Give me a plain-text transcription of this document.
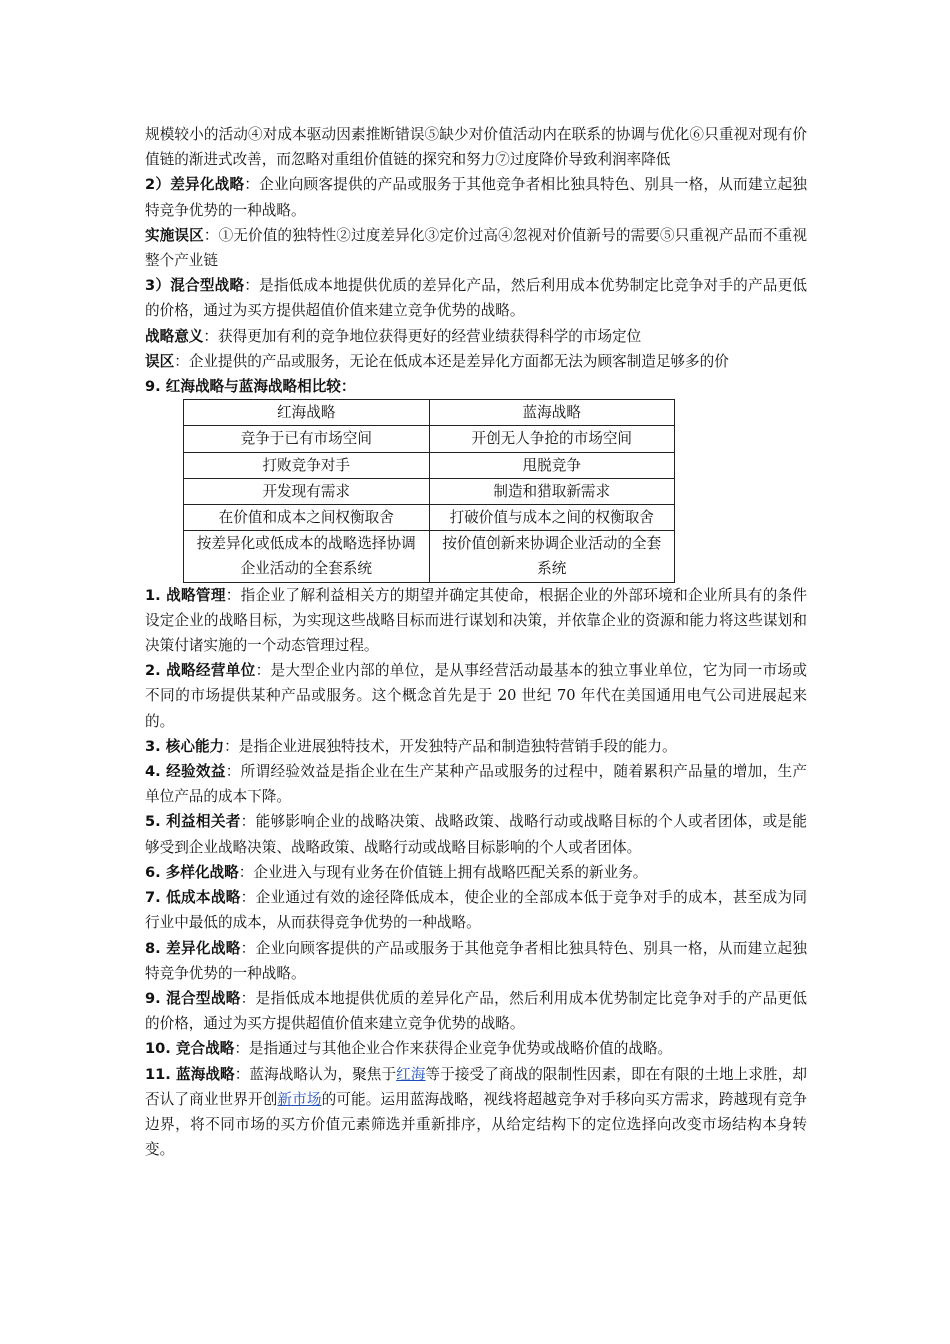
规模较小的活动④对成本驱动因素推断错误⑤缺少对价值活动内在联系的协调与优化⑥只重视对现有价值链的渐进式改善，而忽略对重组价值链的探究和努力⑦过度降价导致利润率降低

2）差异化战略：企业向顾客提供的产品或服务于其他竞争者相比独具特色、别具一格，从而建立起独特竞争优势的一种战略。

实施误区：①无价值的独特性②过度差异化③定价过高④忽视对价值新号的需要⑤只重视产品而不重视整个产业链

3）混合型战略：是指低成本地提供优质的差异化产品，然后利用成本优势制定比竞争对手的产品更低的价格，通过为买方提供超值价值来建立竞争优势的战略。

战略意义：获得更加有利的竞争地位获得更好的经营业绩获得科学的市场定位

误区：企业提供的产品或服务，无论在低成本还是差异化方面都无法为顾客制造足够多的价

9. 红海战略与蓝海战略相比较：

红海战略	蓝海战略
竞争于已有市场空间	开创无人争抢的市场空间
打败竞争对手	甩脱竞争
开发现有需求	制造和猎取新需求
在价值和成本之间权衡取舍	打破价值与成本之间的权衡取舍
按差异化或低成本的战略选择协调企业活动的全套系统	按价值创新来协调企业活动的全套系统

1. 战略管理：指企业了解利益相关方的期望并确定其使命，根据企业的外部环境和企业所具有的条件设定企业的战略目标，为实现这些战略目标而进行谋划和决策，并依靠企业的资源和能力将这些谋划和决策付诸实施的一个动态管理过程。

2. 战略经营单位：是大型企业内部的单位，是从事经营活动最基本的独立事业单位，它为同一市场或不同的市场提供某种产品或服务。这个概念首先是于 20 世纪 70 年代在美国通用电气公司进展起来的。

3. 核心能力：是指企业进展独特技术，开发独特产品和制造独特营销手段的能力。

4. 经验效益：所谓经验效益是指企业在生产某种产品或服务的过程中，随着累积产品量的增加，生产单位产品的成本下降。

5. 利益相关者：能够影响企业的战略决策、战略政策、战略行动或战略目标的个人或者团体，或是能够受到企业战略决策、战略政策、战略行动或战略目标影响的个人或者团体。

6. 多样化战略：企业进入与现有业务在价值链上拥有战略匹配关系的新业务。

7. 低成本战略：企业通过有效的途径降低成本，使企业的全部成本低于竞争对手的成本，甚至成为同行业中最低的成本，从而获得竞争优势的一种战略。

8. 差异化战略：企业向顾客提供的产品或服务于其他竞争者相比独具特色、别具一格，从而建立起独特竞争优势的一种战略。

9. 混合型战略：是指低成本地提供优质的差异化产品，然后利用成本优势制定比竞争对手的产品更低的价格，通过为买方提供超值价值来建立竞争优势的战略。

10. 竞合战略：是指通过与其他企业合作来获得企业竞争优势或战略价值的战略。

11. 蓝海战略：蓝海战略认为，聚焦于红海等于接受了商战的限制性因素，即在有限的土地上求胜，却否认了商业世界开创新市场的可能。运用蓝海战略，视线将超越竞争对手移向买方需求，跨越现有竞争边界，将不同市场的买方价值元素筛选并重新排序，从给定结构下的定位选择向改变市场结构本身转变。
